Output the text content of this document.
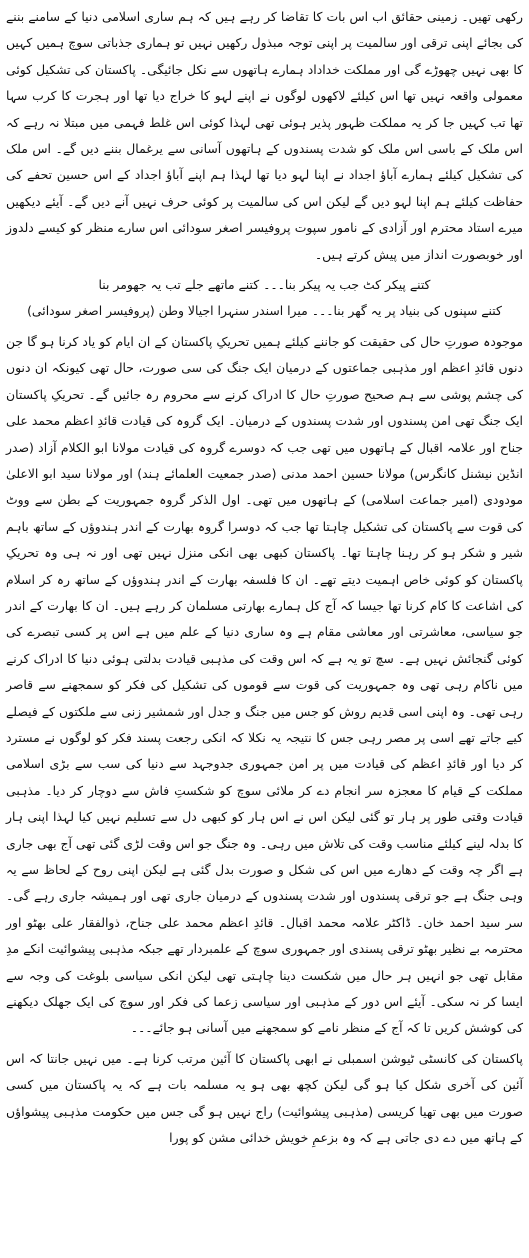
رکھی تھیں۔ زمینی حقائق اب اس بات کا تقاضا کر رہے ہیں کہ ہم ساری اسلامی دنیا کے سامنے بننے کی بجائے اپنی ترقی اور سالمیت پر اپنی توجہ مبذول رکھیں نہیں تو ہماری جذباتی سوچ ہمیں کہیں کا بھی نہیں چھوڑے گی اور مملکت خداداد ہمارے ہاتھوں سے نکل جائیگی۔ پاکستان کی تشکیل کوئی معمولی واقعہ نہیں تھا اس کیلئے لاکھوں لوگوں نے اپنے لہو کا خراج دیا تھا اور ہجرت کا کرب سہا تھا تب کہیں جا کر یہ مملکت ظہور پذیر ہوئی تھی لہذا کوئی اس غلط فہمی میں مبتلا نہ رہے کہ اس ملک کے باسی اس ملک کو شدت پسندوں کے ہاتھوں آسانی سے یرغمال بننے دیں گے۔ اس ملک کی تشکیل کیلئے ہمارے آباؤ اجداد نے اپنا لہو دیا تھا لہذا ہم اپنے آباؤ اجداد کے اس حسین تحفے کی حفاظت کیلئے ہم اپنا لہو دیں گے لیکن اس کی سالمیت پر کوئی حرف نہیں آنے دیں گے۔ آیئے دیکھیں میرے استاد محترم اور آزادی کے نامور سپوت پروفیسر اصغر سودائی اس سارے منظر کو کیسے دلدوز اور خوبصورت انداز میں پیش کرتے ہیں۔

کتنے پیکر کٹ جب یہ پیکر بنا۔۔۔ کتنے ماتھے جلے تب یہ جھومر بنا

کتنے سپنوں کی بنیاد پر یہ گھر بنا۔۔۔ میرا اسندر سنہرا اجیالا وطن (پروفیسر اصغر سودائی)

موجودہ صورتِ حال کی حقیقت کو جاننے کیلئے ہمیں تحریکِ پاکستان کے ان ایام کو یاد کرنا ہو گا جن دنوں قائدِ اعظم اور مذہبی جماعتوں کے درمیان ایک جنگ کی سی صورت، حال تھی کیونکہ ان دنوں کی چشم پوشی سے ہم صحیح صورتِ حال کا ادراک کرنے سے محروم رہ جائیں گے۔ تحریکِ پاکستان ایک جنگ تھی امن پسندوں اور شدت پسندوں کے درمیان۔ ایک گروہ کی قیادت قائدِ اعظم محمد علی جناح اور علامہ اقبال کے ہاتھوں میں تھی جب کہ دوسرے گروہ کی قیادت مولانا ابو الکلام آزاد (صدر انڈین نیشنل کانگرس) مولانا حسین احمد مدنی (صدر جمعیت العلمائے ہند) اور مولانا سید ابو الاعلیٰ مودودی (امیر جماعت اسلامی) کے ہاتھوں میں تھی۔ اول الذکر گروہ جمہوریت کے بطن سے ووٹ کی قوت سے پاکستان کی تشکیل چاہتا تھا جب کہ دوسرا گروہ بھارت کے اندر ہندوؤں کے ساتھ باہم شیر و شکر ہو کر رہنا چاہتا تھا۔ پاکستان کبھی بھی انکی منزل نہیں تھی اور نہ ہی وہ تحریکِ پاکستان کو کوئی خاص اہمیت دیتے تھے۔ ان کا فلسفہ بھارت کے اندر ہندوؤں کے ساتھ رہ کر اسلام کی اشاعت کا کام کرنا تھا جیسا کہ آج کل ہمارے بھارتی مسلمان کر رہے ہیں۔ ان کا بھارت کے اندر جو سیاسی، معاشرتی اور معاشی مقام ہے وہ ساری دنیا کے علم میں ہے اس پر کسی تبصرے کی کوئی گنجائش نہیں ہے۔ سچ تو یہ ہے کہ اس وقت کی مذہبی قیادت بدلتی ہوئی دنیا کا ادراک کرنے میں ناکام رہی تھی وہ جمہوریت کی قوت سے قوموں کی تشکیل کی فکر کو سمجھنے سے قاصر رہی تھی۔ وہ اپنی اسی قدیم روش کو جس میں جنگ و جدل اور شمشیر زنی سے ملکتوں کے فیصلے کیے جاتے تھے اسی پر مصر رہی جس کا نتیجہ یہ نکلا کہ انکی رجعت پسند فکر کو لوگوں نے مسترد کر دیا اور قائدِ اعظم کی قیادت میں پر امن جمہوری جدوجہد سے دنیا کی سب سے بڑی اسلامی مملکت کے قیام کا معجزہ سر انجام دے کر ملائی سوچ کو شکستِ فاش سے دوچار کر دیا۔ مذہبی قیادت وقتی طور پر ہار تو گئی لیکن اس نے اس ہار کو کبھی دل سے تسلیم نہیں کیا لہذا اپنی ہار کا بدلہ لینے کیلئے مناسب وقت کی تلاش میں رہی۔ وہ جنگ جو اس وقت لڑی گئی تھی آج بھی جاری ہے اگر چہ وقت کے دھارے میں اس کی شکل و صورت بدل گئی ہے لیکن اپنی روح کے لحاظ سے یہ وہی جنگ ہے جو ترقی پسندوں اور شدت پسندوں کے درمیان جاری تھی اور ہمیشہ جاری رہے گی۔ سر سید احمد خان۔ ڈاکٹر علامہ محمد اقبال۔ قائدِ اعظم محمد علی جناح، ذوالفقار علی بھٹو اور محترمہ بے نظیر بھٹو ترقی پسندی اور جمہوری سوچ کے علمبردار تھے جبکہ مذہبی پیشوائیت انکے مدِ مقابل تھی جو انہیں ہر حال میں شکست دینا چاہتی تھی لیکن انکی سیاسی بلوغت کی وجہ سے ایسا کر نہ سکی۔ آیئے اس دور کے مذہبی اور سیاسی زعما کی فکر اور سوچ کی ایک جھلک دیکھنے کی کوشش کریں تا کہ آج کے منظر نامے کو سمجھنے میں آسانی ہو جائے۔۔۔

پاکستان کی کانسٹی ٹیوشن اسمبلی نے ابھی پاکستان کا آئین مرتب کرنا ہے۔ میں نہیں جانتا کہ اس آئین کی آخری شکل کیا ہو گی لیکن کچھ بھی ہو یہ مسلمہ بات ہے کہ یہ پاکستان میں کسی صورت میں بھی تھیا کریسی (مذہبی پیشوائیت) راج نہیں ہو گی جس میں حکومت مذہبی پیشواؤں کے ہاتھ میں دے دی جاتی ہے کہ وہ بزعمِ خویش خدائی مشن کو پورا
